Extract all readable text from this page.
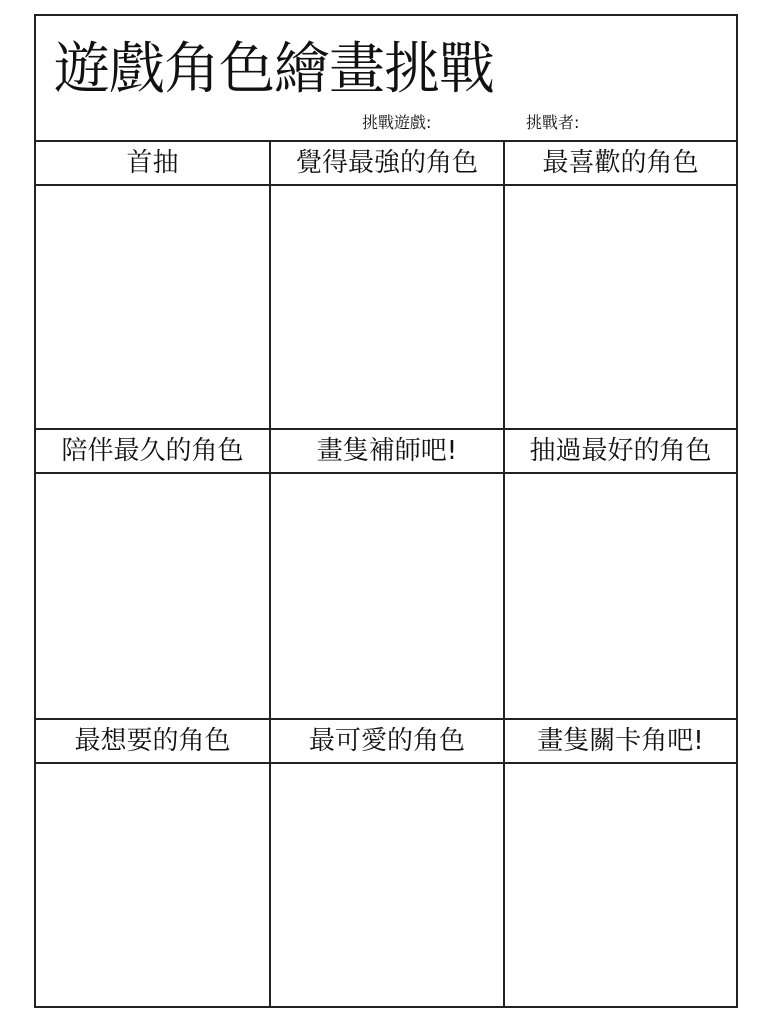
遊戲角色繪畫挑戰
挑戰遊戲:	挑戰者:
首抽	覺得最強的角色	最喜歡的角色
陪伴最久的角色	畫隻補師吧!	抽過最好的角色
最想要的角色	最可愛的角色	畫隻關卡角吧!
